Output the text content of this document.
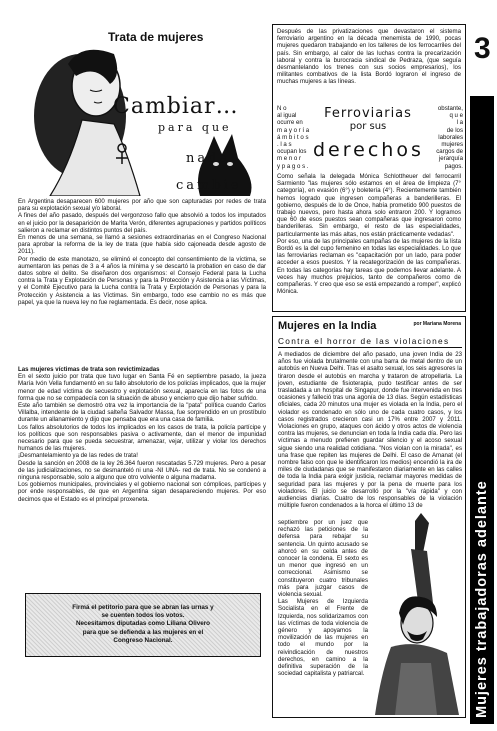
Trata de mujeres
Cambiar…
para que
nada
cambie

En Argentina desaparecen 600 mujeres por año que son capturadas por redes de trata para su explotación sexual y/o laboral.

A fines del año pasado, después del vergonzoso fallo que absolvió a todos los imputados en el juicio por la desaparición de Marita Verón, diferentes agrupaciones y partidos políticos salieron a reclamar en distintos puntos del país.

En menos de una semana, se llamó a sesiones extraordinarias en el Congreso Nacional para aprobar la reforma de la ley de trata (que había sido cajoneada desde agosto de 2011).

Por medio de este manotazo, se eliminó el concepto del consentimiento de la víctima, se aumentaron las penas de 3 a 4 años la mínima y se descartó la probation en caso de dar datos sobre el delito. Se diseñaron dos organismos: el Consejo Federal para la Lucha contra la Trata y Explotación de Personas y para la Protección y Asistencia a las Víctimas, y el Comité Ejecutivo para la Lucha contra la Trata y Explotación de Personas y para la Protección y Asistencia a las Víctimas. Sin embargo, todo ese cambio no es más que papel, ya que la nueva ley no fue reglamentada. Es decir, nose aplica.

Las mujeres víctimas de trata son revictimizadas

En el sexto juicio por trata que tuvo lugar en Santa Fé en septiembre pasado, la jueza María Ivón Vella fundamentó en su fallo absolutorio de los policías implicados, que la mujer menor de edad víctima de secuestro y explotación sexual, aparecía en las fotos de una forma que no se compadecía con la situación de abuso y encierro que dijo haber sufrido.

Este año también se demostró otra vez la importancia de la "pata" política cuando Carlos Villalba, intendente de la ciudad salteña Salvador Massa, fue sorprendido en un prostíbulo durante un allanamiento y dijo que pensaba que era una casa de familia.

Los fallos absolutorios de todos los implicados en los casos de trata, la policía partícipe y los políticos que son responsables pasiva o activamente, dan el menor de impunidad necesario para que se pueda secuestrar, amenazar, vejar, utilizar y violar los derechos humanos de las mujeres.

¡Desmantelamiento ya de las redes de trata!

Desde la sanción en 2008 de la ley 26.364 fueron rescatadas 5.729 mujeres. Pero a pesar de las judicializaciones, no se desmanteló ni una -NI UNA- red de trata. No se condenó a ninguna responsable, solo a alguno que otro volviente o alguna madama.

Los gobiernos municipales, provinciales y el gobierno nacional son cómplices, partícipes y por ende responsables, de que en Argentina sigan desapareciendo mujeres. Por eso decimos que el Estado es el principal proxeneta.

Firmá el petitorio para que se abran las urnas y
se cuenten todos los votos.
Necesitamos diputadas como Liliana Olivero
para que se defienda a las mujeres en el
Congreso Nacional.

Después de las privatizaciones que devastaron el sistema ferroviario argentino en la década menemista de 1990, pocas mujeres quedaron trabajando en los talleres de los ferrocarriles del país. Sin embargo, al calor de las luchas contra la precarización laboral y contra la burocracia sindical de Pedraza, (que seguía desmantelando los trenes con sus socios empresarios), los militantes combativos de la lista Bordó lograron el ingreso de muchas mujeres a las líneas.

N o
al igual
ocurre en
m a y o r í a
á m b i t o s
. l a s
ocupan los
m e n o r
y p a g o s .
Ferroviarias
por sus
derechos
obstante,
q u e
l a
de los
laborales
mujeres
cargos de
jerarquía
pagos.

Como señala la delegada Mónica Schlottheuer del ferrocarril Sarmiento "las mujeres sólo estamos en el área de limpieza (7° categoría), en evasión (6°) y boletería (4°). Recientemente también hemos logrado que ingresen compañeras a banderilleras. El gobierno, después de lo de Once, había prometido 900 puestos de trabajo nuevos, pero hasta ahora solo entraron 200. Y logramos que 60 de esos puestos sean compañeras que ingresaron como banderilleras. Sin embargo, el resto de las especialidades, particularmente las más altas, nos están prácticamente vedadas".

Por eso, una de las principales campañas de las mujeres de la lista Bordó es la del cupo femenino en todas las especialidades. Lo que las ferroviarias reclaman es "capacitación por un lado, para poder acceder a esos puestos. Y la recategorización de las compañeras. En todas las categorías hay tareas que podemos llevar adelante. A veces hay muchos prejuicios, tanto de compañeros como de compañeras. Y creo que eso se está empezando a romper", explicó Mónica.

Mujeres en la India	por Mariana Morena
Contra el horror de las violaciones

A mediados de diciembre del año pasado, una joven India de 23 años fue violada brutalmente con una barra de metal dentro de un autobús en Nueva Delhi. Tras el asalto sexual, los seis agresores la tiraron desde el autobús en marcha y trataron de atropellarla. La joven, estudiante de fisioterapia, pudo testificar antes de ser trasladada a un hospital de Singapur, donde fue intervenida en tres ocasiones y falleció tras una agonía de 13 días. Según estadísticas oficiales, cada 20 minutos una mujer es violada en la India, pero el violador es condenado en sólo uno de cada cuatro casos, y los casos registrados crecieron casi un 17% entre 2007 y 2011. Violaciones en grupo, ataques con ácido y otros actos de violencia contra las mujeres, se denuncian en toda la India cada día. Pero las víctimas a menudo prefieren guardar silencio y el acoso sexual sigue siendo una realidad cotidiana. "Nos violan con la mirada", es una frase que repiten las mujeres de Delhi. El caso de Amanat (el nombre falso con que le identificaron los medios) encendió la ira de miles de ciudadanas que se manifestaron diariamente en las calles de toda la India para exigir justicia, reclamar mayores medidas de seguridad para las mujeres y por la pena de muerte para los violadores. El juicio se desarrolló por la "vía rápida" y con audiencias diarias. Cuatro de los responsables de la violación múltiple fueron condenados a la horca el último 13 de

septiembre por un juez que rechazó las peticiones de la defensa para rebajar su sentencia. Un quinto acusado se ahorcó en su celda antes de conocer la condena. El sexto es un menor que ingresó en un correccional. Asimismo se constituyeron cuatro tribunales más para juzgar casos de violencia sexual.

Las Mujeres de Izquierda Socialista en el Frente de Izquierda, nos solidarizamos con las víctimas de toda violencia de género y apoyamos la movilización de las mujeres en todo el mundo por la reivindicación de nuestros derechos, en camino a la definitiva superación de la sociedad capitalista y patriarcal.

3
Mujeres trabajadoras adelante
